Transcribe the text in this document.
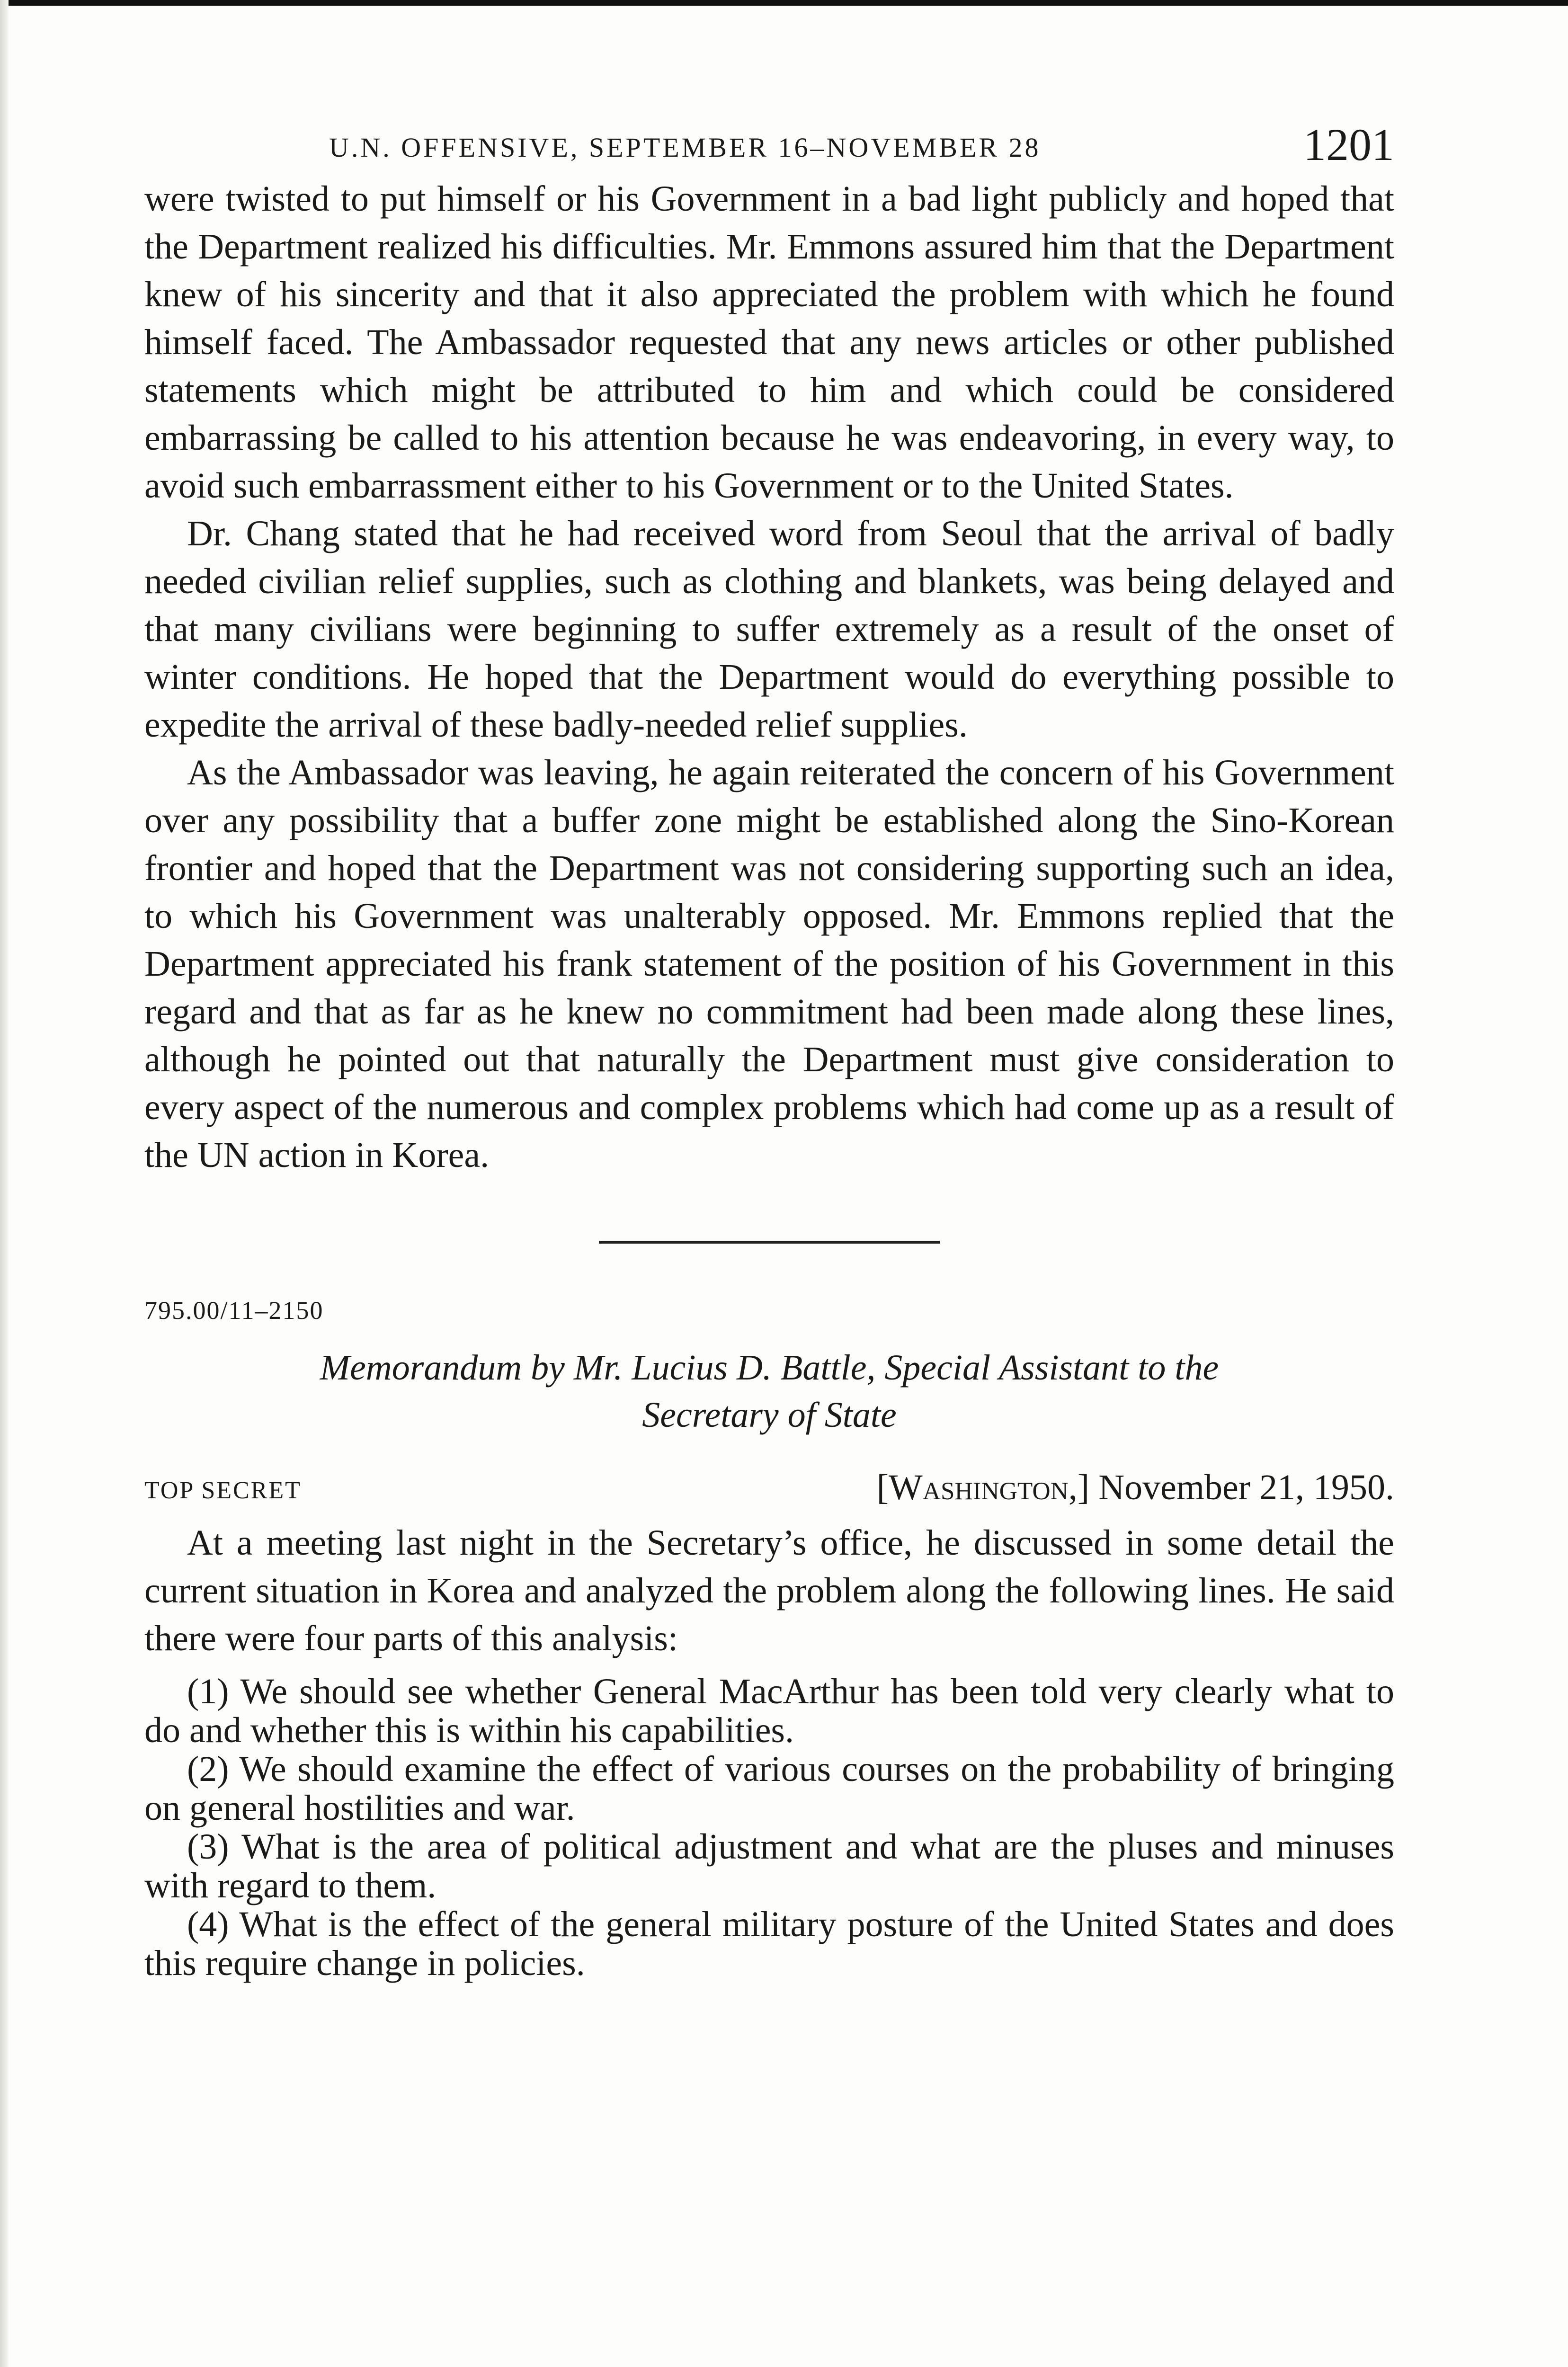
U.N. OFFENSIVE, SEPTEMBER 16–NOVEMBER 28	1201

were twisted to put himself or his Government in a bad light publicly and hoped that the Department realized his difficulties. Mr. Emmons assured him that the Department knew of his sincerity and that it also appreciated the problem with which he found himself faced. The Ambassador requested that any news articles or other published statements which might be attributed to him and which could be considered embarrassing be called to his attention because he was endeavoring, in every way, to avoid such embarrassment either to his Government or to the United States.

Dr. Chang stated that he had received word from Seoul that the arrival of badly needed civilian relief supplies, such as clothing and blankets, was being delayed and that many civilians were beginning to suffer extremely as a result of the onset of winter conditions. He hoped that the Department would do everything possible to expedite the arrival of these badly-needed relief supplies.

As the Ambassador was leaving, he again reiterated the concern of his Government over any possibility that a buffer zone might be established along the Sino-Korean frontier and hoped that the Department was not considering supporting such an idea, to which his Government was unalterably opposed. Mr. Emmons replied that the Department appreciated his frank statement of the position of his Government in this regard and that as far as he knew no commitment had been made along these lines, although he pointed out that naturally the Department must give consideration to every aspect of the numerous and complex problems which had come up as a result of the UN action in Korea.

795.00/11–2150
Memorandum by Mr. Lucius D. Battle, Special Assistant to the
Secretary of State
TOP SECRET	[Washington,] November 21, 1950.

At a meeting last night in the Secretary’s office, he discussed in some detail the current situation in Korea and analyzed the problem along the following lines. He said there were four parts of this analysis:

(1) We should see whether General MacArthur has been told very clearly what to do and whether this is within his capabilities.
(2) We should examine the effect of various courses on the probability of bringing on general hostilities and war.
(3) What is the area of political adjustment and what are the pluses and minuses with regard to them.
(4) What is the effect of the general military posture of the United States and does this require change in policies.
